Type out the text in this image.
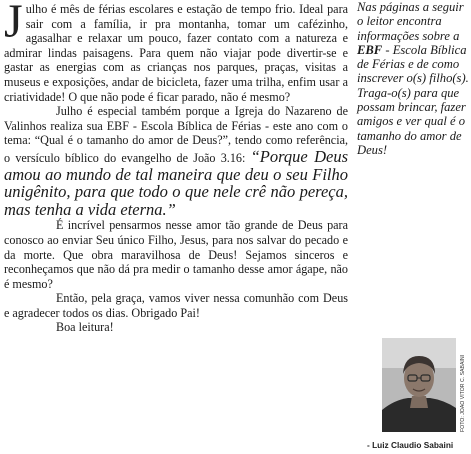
Julho é mês de férias escolares e estação de tempo frio. Ideal para sair com a família, ir pra montanha, tomar um cafézinho, agasalhar e relaxar um pouco, fazer contato com a natureza e admirar lindas paisagens. Para quem não viajar pode divertir-se e gastar as energias com as crianças nos parques, praças, visitas a museus e exposições, andar de bicicleta, fazer uma trilha, enfim usar a criatividade! O que não pode é ficar parado, não é mesmo?

Julho é especial também porque a Igreja do Nazareno de Valinhos realiza sua EBF - Escola Bíblica de Férias - este ano com o tema: “Qual é o tamanho do amor de Deus?”, tendo como referência, o versículo bíblico do evangelho de João 3.16: “Porque Deus amou ao mundo de tal maneira que deu o seu Filho unigênito, para que todo o que nele crê não pereça, mas tenha a vida eterna.”

É incrível pensarmos nesse amor tão grande de Deus para conosco ao enviar Seu único Filho, Jesus, para nos salvar do pecado e da morte. Que obra maravilhosa de Deus! Sejamos sinceros e reconheçamos que não dá pra medir o tamanho desse amor ágape, não é mesmo?

Então, pela graça, vamos viver nessa comunhão com Deus e agradecer todos os dias. Obrigado Pai!

Boa leitura!

Nas páginas a seguir o leitor encontra informações sobre a EBF - Escola Bíblica de Férias e de como inscrever o(s) filho(s). Traga-o(s) para que possam brincar, fazer amigos e ver qual é o tamanho do amor de Deus!
FOTO: JOÃO VITOR C. SABAINI
- Luiz Claudio Sabaini
